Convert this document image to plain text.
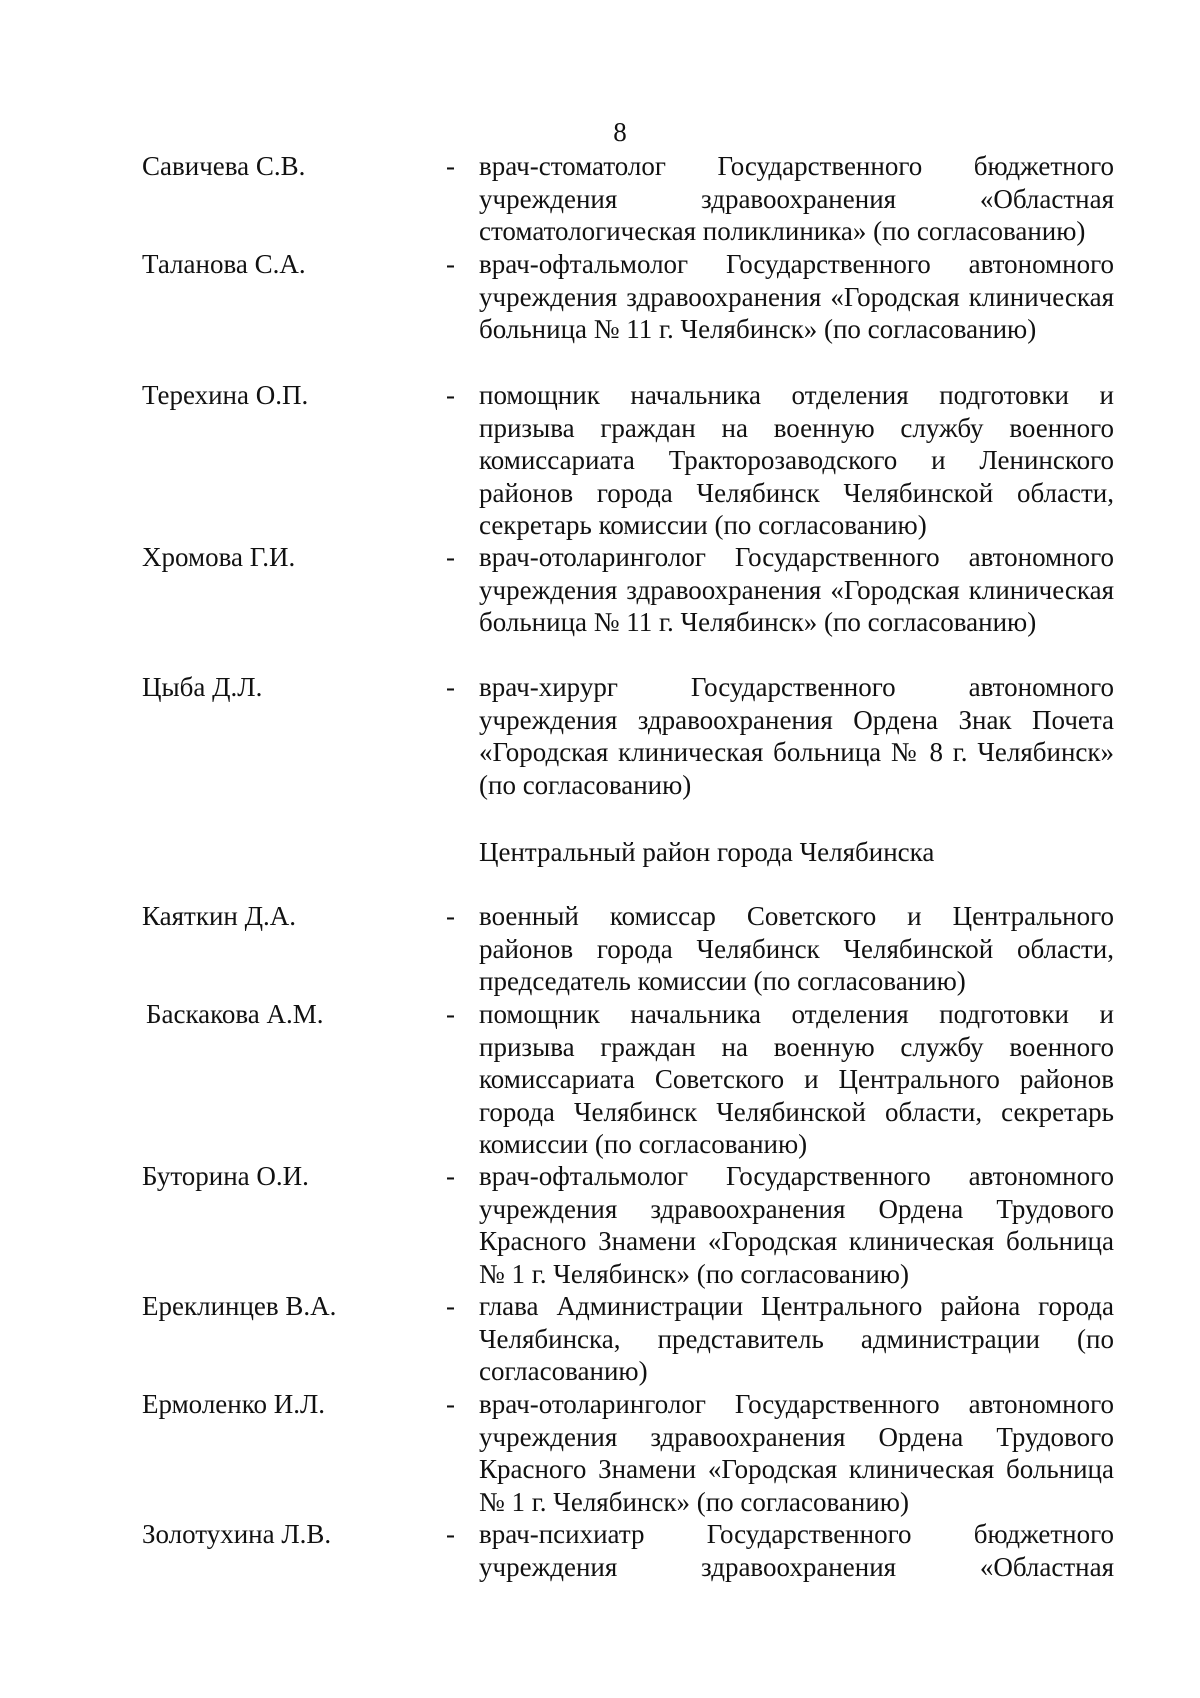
8
Савичева С.В.	- врач-стоматолог Государственного бюджетного учреждения здравоохранения «Областная стоматологическая поликлиника» (по согласованию)
Таланова С.А.	- врач-офтальмолог Государственного автономного учреждения здравоохранения «Городская клиническая больница № 11 г. Челябинск» (по согласованию)
Терехина О.П.	- помощник начальника отделения подготовки и призыва граждан на военную службу военного комиссариата Тракторозаводского и Ленинского районов города Челябинск Челябинской области, секретарь комиссии (по согласованию)
Хромова Г.И.	- врач-отоларинголог Государственного автономного учреждения здравоохранения «Городская клиническая больница № 11 г. Челябинск» (по согласованию)
Цыба Д.Л.	- врач-хирург Государственного автономного учреждения здравоохранения Ордена Знак Почета «Городская клиническая больница № 8 г. Челябинск» (по согласованию)
Центральный район города Челябинска
Каяткин Д.А.	- военный комиссар Советского и Центрального районов города Челябинск Челябинской области, председатель комиссии (по согласованию)
Баскакова А.М.	- помощник начальника отделения подготовки и призыва граждан на военную службу военного комиссариата Советского и Центрального районов города Челябинск Челябинской области, секретарь комиссии (по согласованию)
Буторина О.И.	- врач-офтальмолог Государственного автономного учреждения здравоохранения Ордена Трудового Красного Знамени «Городская клиническая больница № 1 г. Челябинск» (по согласованию)
Ереклинцев В.А.	- глава Администрации Центрального района города Челябинска, представитель администрации (по согласованию)
Ермоленко И.Л.	- врач-отоларинголог Государственного автономного учреждения здравоохранения Ордена Трудового Красного Знамени «Городская клиническая больница № 1 г. Челябинск» (по согласованию)
Золотухина Л.В.	- врач-психиатр Государственного бюджетного учреждения здравоохранения «Областная
